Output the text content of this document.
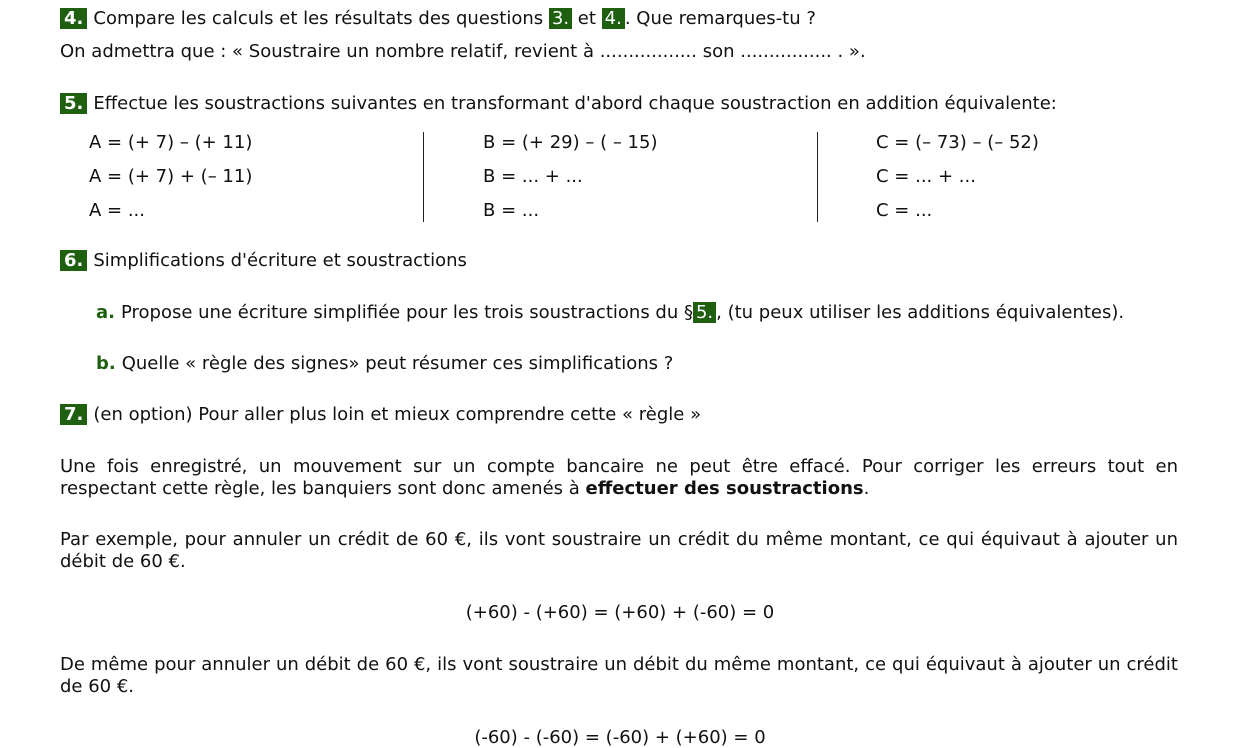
4. Compare les calculs et les résultats des questions 3. et 4. . Que remarques-tu ?
On admettra que : « Soustraire un nombre relatif, revient à ................. son ................ . ».
5. Effectue les soustractions suivantes en transformant d'abord chaque soustraction en addition équivalente:
A = (+ 7) – (+ 11)
A = (+ 7) + (– 11)
A = ...
B = (+ 29) – ( – 15)
B = ... + ...
B = ...
C = (– 73) – (– 52)
C = ... + ...
C = ...
6. Simplifications d'écriture et soustractions
a. Propose une écriture simplifiée pour les trois soustractions du § 5. , (tu peux utiliser les additions équivalentes).
b. Quelle « règle des signes» peut résumer ces simplifications ?
7. (en option) Pour aller plus loin et mieux comprendre cette « règle »
Une fois enregistré, un mouvement sur un compte bancaire ne peut être effacé. Pour corriger les erreurs tout en respectant cette règle, les banquiers sont donc amenés à effectuer des soustractions.
Par exemple, pour annuler un crédit de 60 €, ils vont soustraire un crédit du même montant, ce qui équivaut à ajouter un débit de 60 €.
(+60) - (+60) = (+60) + (-60) = 0
De même pour annuler un débit de 60 €, ils vont soustraire un débit du même montant, ce qui équivaut à ajouter un crédit de 60 €.
(-60) - (-60) = (-60) + (+60) = 0
